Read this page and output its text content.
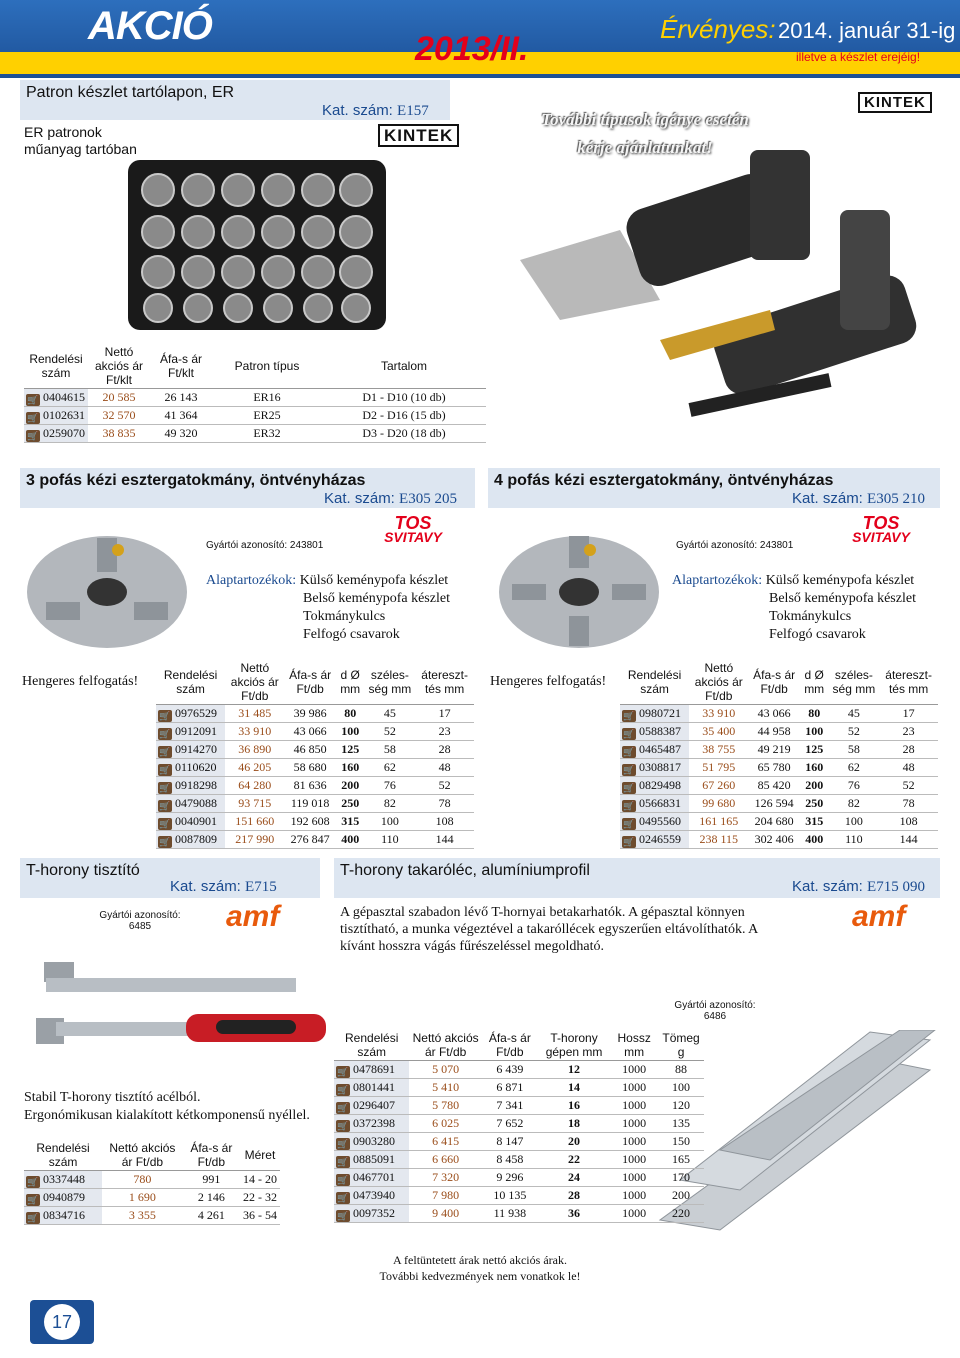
AKCIÓ
2013/II.
Érvényes: 2014. január 31-ig
illetve a készlet erejéig!
Patron készlet tartólapon, ER
Kat. szám: E157
ER patronok
műanyag tartóban
KINTEK
További típusok igénye esetén
kérje ajánlatunkat!
KINTEK
Rendelési szám	Nettó akciós ár Ft/klt	Áfa-s ár Ft/klt	Patron típus	Tartalom
🛒 0404615	20 585	26 143	ER16	D1 - D10 (10 db)
🛒 0102631	32 570	41 364	ER25	D2 - D16 (15 db)
🛒 0259070	38 835	49 320	ER32	D3 - D20 (18 db)
3 pofás kézi esztergatokmány, öntvényházas
Kat. szám: E305 205
Gyártói azonosító: 243801
TOS
SVITAVY
Alaptartozékok: Külső keménypofa készlet
Belső keménypofa készlet
Tokmánykulcs
Felfogó csavarok
Hengeres felfogatás! Rendelési szám	Nettó akciós ár Ft/db	Áfa-s ár Ft/db	d Ø mm	széles-ség mm	átereszt-tés mm
🛒 0976529	31 485	39 986	80	45	17
🛒 0912091	33 910	43 066	100	52	23
🛒 0914270	36 890	46 850	125	58	28
🛒 0110620	46 205	58 680	160	62	48
🛒 0918298	64 280	81 636	200	76	52
🛒 0479088	93 715	119 018	250	82	78
🛒 0040901	151 660	192 608	315	100	108
🛒 0087809	217 990	276 847	400	110	144
4 pofás kézi esztergatokmány, öntvényházas
Kat. szám: E305 210
Gyártói azonosító: 243801
TOS
SVITAVY
Alaptartozékok: Külső keménypofa készlet
Belső keménypofa készlet
Tokmánykulcs
Felfogó csavarok
Hengeres felfogatás! Rendelési szám	Nettó akciós ár Ft/db	Áfa-s ár Ft/db	d Ø mm	széles-ség mm	átereszt-tés mm
🛒 0980721	33 910	43 066	80	45	17
🛒 0588387	35 400	44 958	100	52	23
🛒 0465487	38 755	49 219	125	58	28
🛒 0308817	51 795	65 780	160	62	48
🛒 0829498	67 260	85 420	200	76	52
🛒 0566831	99 680	126 594	250	82	78
🛒 0495560	161 165	204 680	315	100	108
🛒 0246559	238 115	302 406	400	110	144
T-horony tisztító
Kat. szám: E715
Gyártói azonosító:
6485	amf
Stabil T-horony tisztító acélból.
Ergonómikusan kialakított kétkomponensű nyéllel.
Rendelési szám	Nettó akciós ár Ft/db	Áfa-s ár Ft/db	Méret
🛒 0337448	780	991	14 - 20
🛒 0940879	1 690	2 146	22 - 32
🛒 0834716	3 355	4 261	36 - 54
T-horony takaróléc, alumíniumprofil
Kat. szám: E715 090
A gépasztal szabadon lévő T-hornyai betakarhatók. A gépasztal könnyen tisztítható, a munka végeztével a takaróllécek egyszerűen eltávolíthatók. A kívánt hosszra vágás fűrészeléssel megoldható.
amf
Gyártói azonosító:
6486
Rendelési szám	Nettó akciós ár Ft/db	Áfa-s ár Ft/db	T-horony gépen mm	Hossz mm	Tömeg g
🛒 0478691	5 070	6 439	12	1000	88
🛒 0801441	5 410	6 871	14	1000	100
🛒 0296407	5 780	7 341	16	1000	120
🛒 0372398	6 025	7 652	18	1000	135
🛒 0903280	6 415	8 147	20	1000	150
🛒 0885091	6 660	8 458	22	1000	165
🛒 0467701	7 320	9 296	24	1000	170
🛒 0473940	7 980	10 135	28	1000	200
🛒 0097352	9 400	11 938	36	1000	220
A feltüntetett árak nettó akciós árak.
További kedvezmények nem vonatkok le!
17
